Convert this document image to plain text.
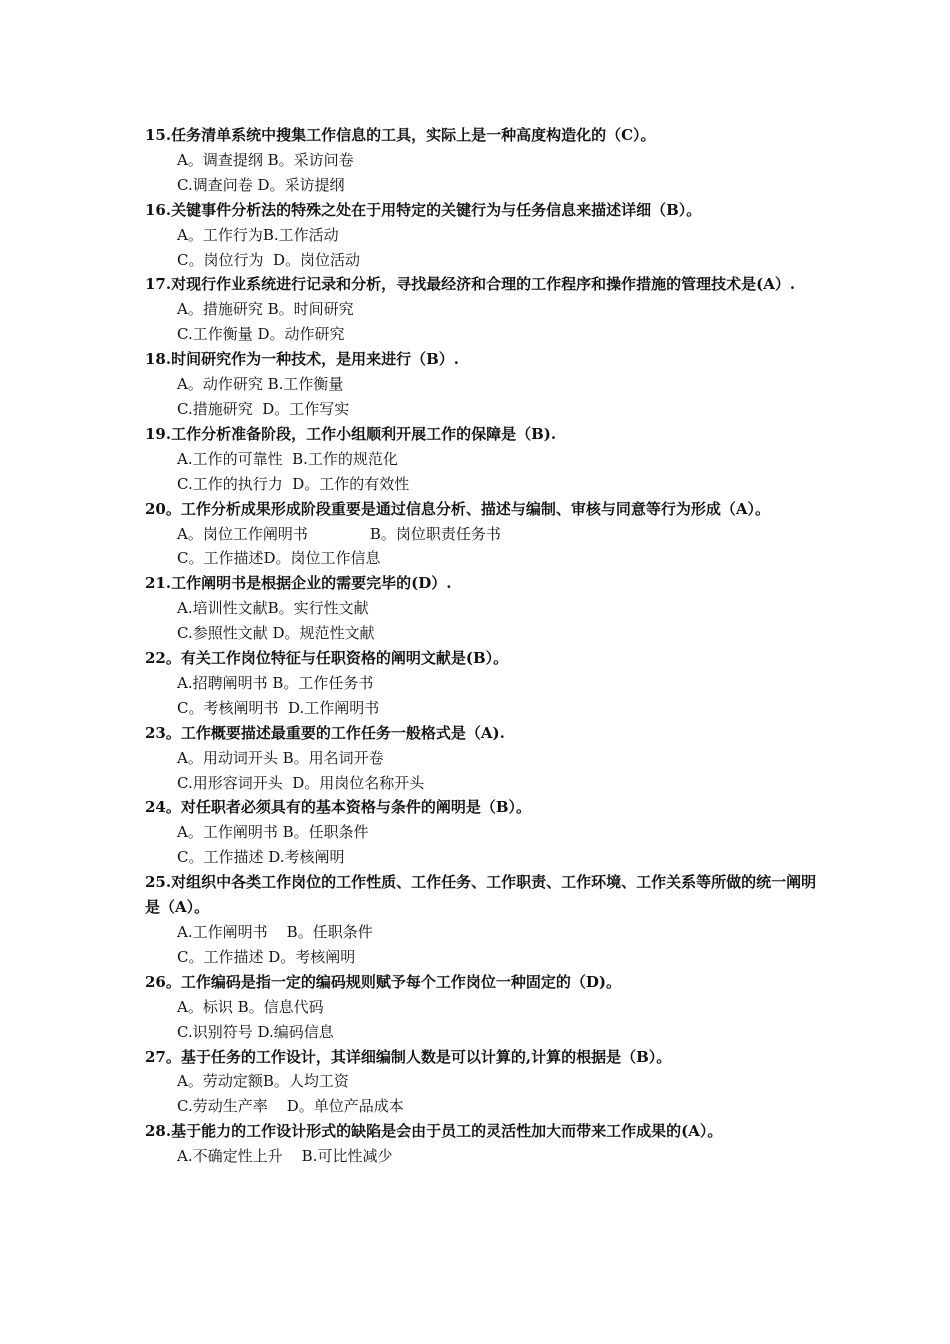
15.任务清单系统中搜集工作信息的工具，实际上是一种高度构造化的（C）。

A。调查提纲 B。采访问卷

C.调查问卷 D。采访提纲

16.关键事件分析法的特殊之处在于用特定的关键行为与任务信息来描述详细（B）。

A。工作行为B.工作活动

C。岗位行为  D。岗位活动

17.对现行作业系统进行记录和分析，寻找最经济和合理的工作程序和操作措施的管理技术是(A）.

A。措施研究 B。时间研究

C.工作衡量 D。动作研究

18.时间研究作为一种技术，是用来进行（B）.

A。动作研究 B.工作衡量

C.措施研究  D。工作写实

19.工作分析准备阶段，工作小组顺利开展工作的保障是（B).

A.工作的可靠性  B.工作的规范化

C.工作的执行力  D。工作的有效性

20。工作分析成果形成阶段重要是通过信息分析、描述与编制、审核与同意等行为形成（A）。

A。岗位工作阐明书             B。岗位职责任务书

C。工作描述D。岗位工作信息

21.工作阐明书是根据企业的需要完毕的(D）.

A.培训性文献B。实行性文献

C.参照性文献 D。规范性文献

22。有关工作岗位特征与任职资格的阐明文献是(B）。

A.招聘阐明书 B。工作任务书

C。考核阐明书  D.工作阐明书

23。工作概要描述最重要的工作任务一般格式是（A).

A。用动词开头 B。用名词开卷

C.用形容词开头  D。用岗位名称开头

24。对任职者必须具有的基本资格与条件的阐明是（B）。

A。工作阐明书 B。任职条件

C。工作描述 D.考核阐明

25.对组织中各类工作岗位的工作性质、工作任务、工作职责、工作环境、工作关系等所做的统一阐明是（A）。

A.工作阐明书    B。任职条件

C。工作描述 D。考核阐明

26。工作编码是指一定的编码规则赋予每个工作岗位一种固定的（D)。

A。标识 B。信息代码

C.识别符号 D.编码信息

27。基于任务的工作设计，其详细编制人数是可以计算的,计算的根据是（B）。

A。劳动定额B。人均工资

C.劳动生产率    D。单位产品成本

28.基于能力的工作设计形式的缺陷是会由于员工的灵活性加大而带来工作成果的(A）。

A.不确定性上升    B.可比性减少
